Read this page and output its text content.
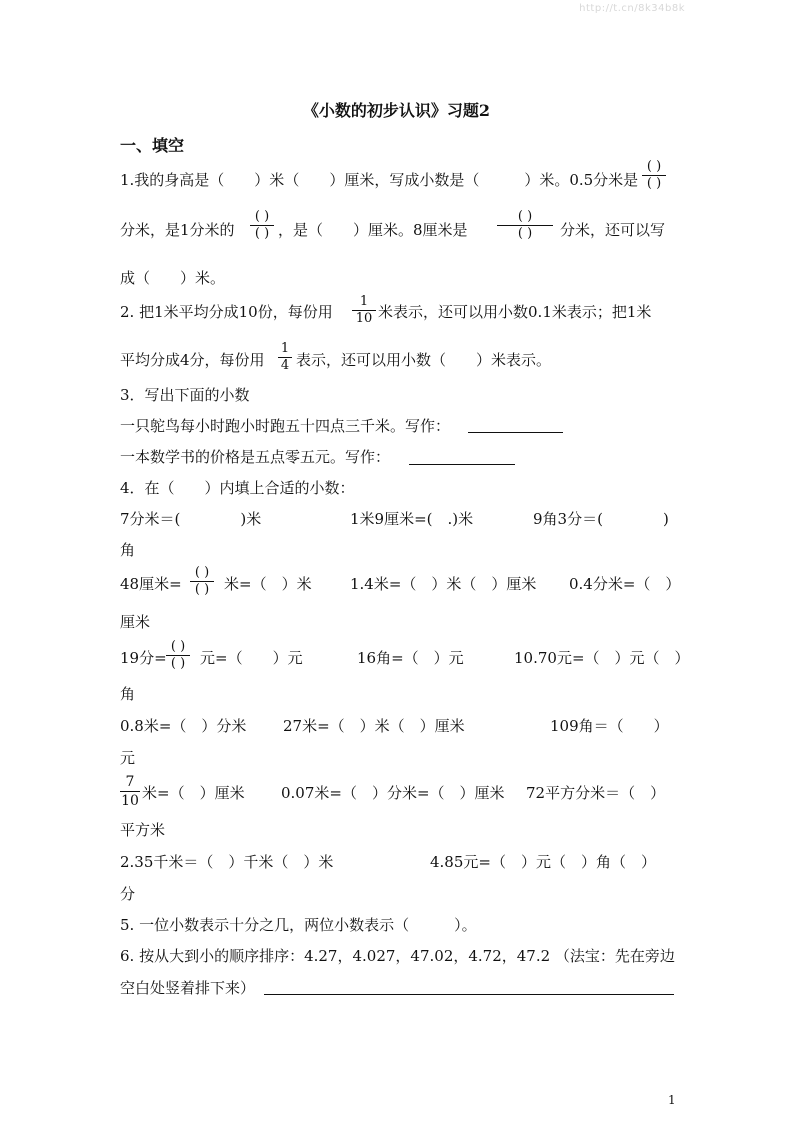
http://t.cn/8k34b8k
《小数的初步认识》习题2
一、填空
1.我的身高是（　　）米（　　）厘米，写成小数是（　　　）米。0.5分米是
( )
( )
分米，是1分米的
( )
( ) ，是（　　）厘米。8厘米是
( )
( )	分米，还可以写
成（　　）米。
2. 把1米平均分成10份，每份用
1
10 米表示，还可以用小数0.1米表示；把1米
平均分成4分，每份用
1
4 表示，还可以用小数（　　）米表示。
3．写出下面的小数
一只鸵鸟每小时跑小时跑五十四点三千米。写作：
一本数学书的价格是五点零五元。写作：
4．在（　　）内填上合适的小数：
7分米＝(　　　　)米	1米9厘米=(　.)米	9角3分＝(　　　　)
角
48厘米=
( )
( ) 米=（　）米	1.4米=（　）米（　）厘米 0.4分米=（　）
厘米
19分=
( )
( ) 元=（　　）元	16角=（　）元	10.70元=（　）元（　）
角
0.8米=（　）分米 27米=（　）米（　）厘米	109角＝（　　）
元
7
10 米=（　）厘米 0.07米=（　）分米=（　）厘米 72平方分米＝（　）
平方米
2.35千米＝（　）千米（　）米	4.85元=（　）元（　）角（　）
分
5. 一位小数表示十分之几，两位小数表示（　　　）。
6. 按从大到小的顺序排序：4.27，4.027，47.02，4.72，47.2 （法宝：先在旁边
空白处竖着排下来）
1
